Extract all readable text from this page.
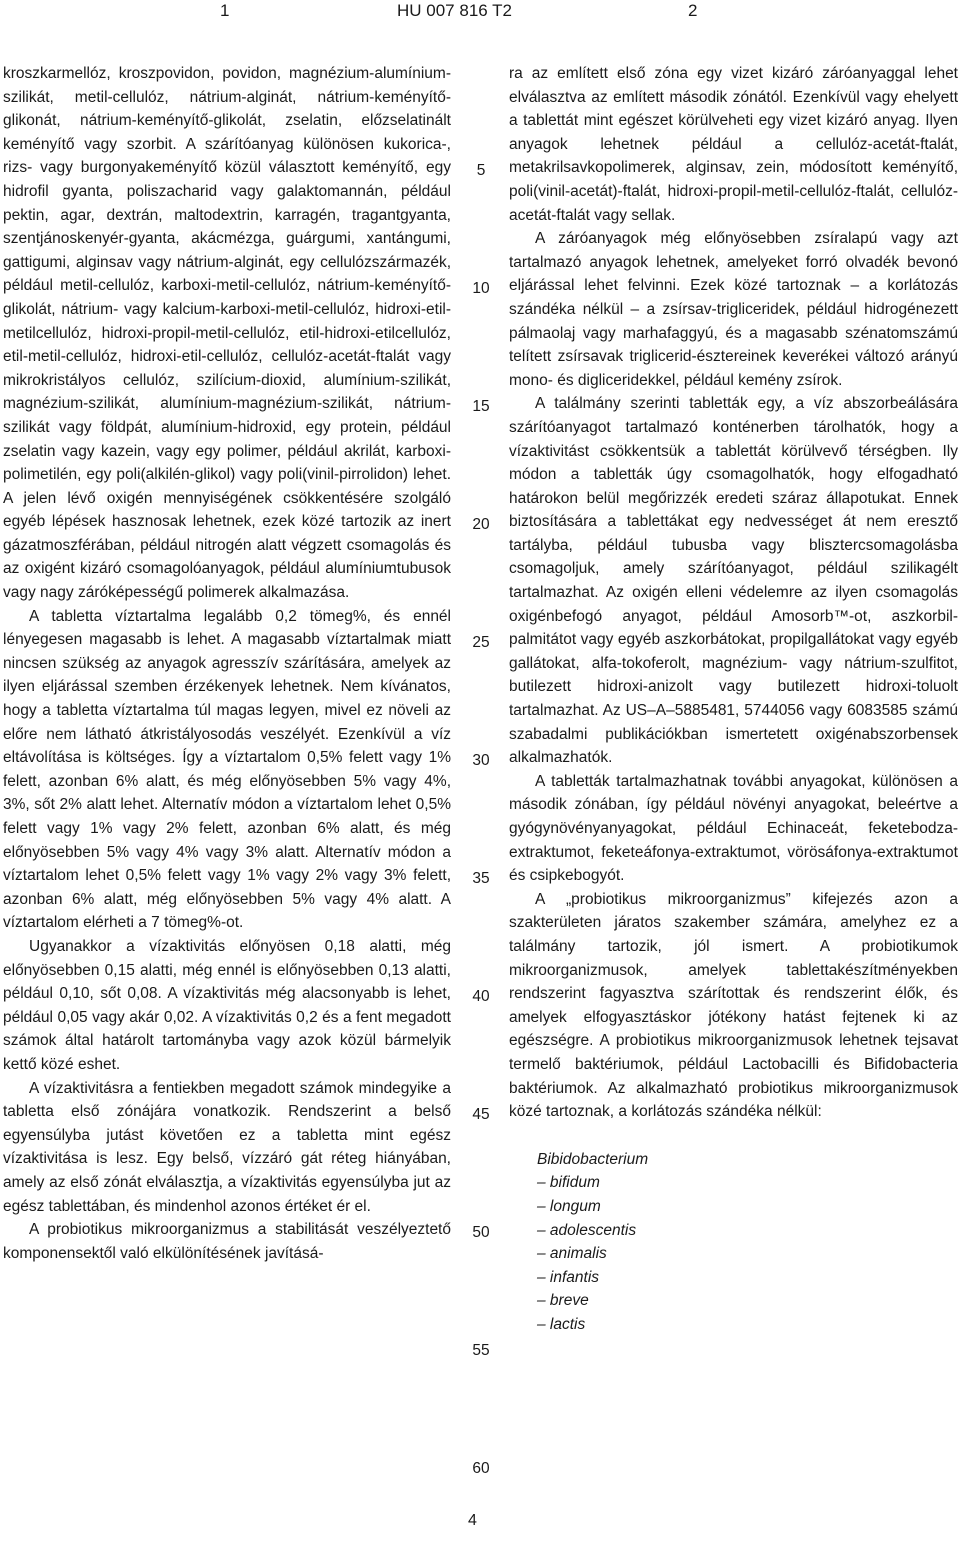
1	HU 007 816 T2	2

kroszkarmellóz, kroszpovidon, povidon, magnézium-alumínium-szilikát, metil-cellulóz, nátrium-alginát, nátrium-keményítő-glikonát, nátrium-keményítő-glikolát, zselatin, előzselatinált keményítő vagy szorbit. A szárítóanyag különösen kukorica-, rizs- vagy burgonyakeményítő közül választott keményítő, egy hidrofil gyanta, poliszacharid vagy galaktomannán, például pektin, agar, dextrán, maltodextrin, karragén, tragantgyanta, szentjánoskenyér-gyanta, akácmézga, guárgumi, xantángumi, gattigumi, alginsav vagy nátrium-alginát, egy cellulózszármazék, például metil-cellulóz, karboxi-metil-cellulóz, nátrium-keményítő-glikolát, nátrium- vagy kalcium-karboxi-metil-cellulóz, hidroxi-etil-metilcellulóz, hidroxi-propil-metil-cellulóz, etil-hidroxi-etilcellulóz, etil-metil-cellulóz, hidroxi-etil-cellulóz, cellulóz-acetát-ftalát vagy mikrokristályos cellulóz, szilícium-dioxid, alumínium-szilikát, magnézium-szilikát, alumínium-magnézium-szilikát, nátrium-szilikát vagy földpát, alumínium-hidroxid, egy protein, például zselatin vagy kazein, vagy egy polimer, például akrilát, karboxi-polimetilén, egy poli(alkilén-glikol) vagy poli(vinil-pirrolidon) lehet. A jelen lévő oxigén mennyiségének csökkentésére szolgáló egyéb lépések hasznosak lehetnek, ezek közé tartozik az inert gázatmoszférában, például nitrogén alatt végzett csomagolás és az oxigént kizáró csomagolóanyagok, például alumíniumtubusok vagy nagy záróképességű polimerek alkalmazása.

A tabletta víztartalma legalább 0,2 tömeg%, és ennél lényegesen magasabb is lehet. A magasabb víztartalmak miatt nincsen szükség az anyagok agresszív szárítására, amelyek az ilyen eljárással szemben érzékenyek lehetnek. Nem kívánatos, hogy a tabletta víztartalma túl magas legyen, mivel ez növeli az előre nem látható átkristályosodás veszélyét. Ezenkívül a víz eltávolítása is költséges. Így a víztartalom 0,5% felett vagy 1% felett, azonban 6% alatt, és még előnyösebben 5% vagy 4%, 3%, sőt 2% alatt lehet. Alternatív módon a víztartalom lehet 0,5% felett vagy 1% vagy 2% felett, azonban 6% alatt, és még előnyösebben 5% vagy 4% vagy 3% alatt. Alternatív módon a víztartalom lehet 0,5% felett vagy 1% vagy 2% vagy 3% felett, azonban 6% alatt, még előnyösebben 5% vagy 4% alatt. A víztartalom elérheti a 7 tömeg%-ot.

Ugyanakkor a vízaktivitás előnyösen 0,18 alatti, még előnyösebben 0,15 alatti, még ennél is előnyösebben 0,13 alatti, például 0,10, sőt 0,08. A vízaktivitás még alacsonyabb is lehet, például 0,05 vagy akár 0,02. A vízaktivitás 0,2 és a fent megadott számok által határolt tartományba vagy azok közül bármelyik kettő közé eshet.

A vízaktivitásra a fentiekben megadott számok mindegyike a tabletta első zónájára vonatkozik. Rendszerint a belső egyensúlyba jutást követően ez a tabletta mint egész vízaktivitása is lesz. Egy belső, vízzáró gát réteg hiányában, amely az első zónát elválasztja, a vízaktivitás egyensúlyba jut az egész tablettában, és mindenhol azonos értéket ér el.

A probiotikus mikroorganizmus a stabilitását veszélyeztető komponensektől való elkülönítésének javításá-

ra az említett első zóna egy vizet kizáró záróanyaggal lehet elválasztva az említett második zónától. Ezenkívül vagy ehelyett a tablettát mint egészet körülveheti egy vizet kizáró anyag. Ilyen anyagok lehetnek például a cellulóz-acetát-ftalát, metakrilsavkopolimerek, alginsav, zein, módosított keményítő, poli(vinil-acetát)-ftalát, hidroxi-propil-metil-cellulóz-ftalát, cellulóz-acetát-ftalát vagy sellak.

A záróanyagok még előnyösebben zsíralapú vagy azt tartalmazó anyagok lehetnek, amelyeket forró olvadék bevonó eljárással lehet felvinni. Ezek közé tartoznak – a korlátozás szándéka nélkül – a zsírsav-trigliceridek, például hidrogénezett pálmaolaj vagy marhafaggyú, és a magasabb szénatomszámú telített zsírsavak triglicerid-észtereinek keverékei változó arányú mono- és digliceridekkel, például kemény zsírok.

A találmány szerinti tabletták egy, a víz abszorbeálására szárítóanyagot tartalmazó konténerben tárolhatók, hogy a vízaktivitást csökkentsük a tablettát körülvevő térségben. Ily módon a tabletták úgy csomagolhatók, hogy elfogadható határokon belül megőrizzék eredeti száraz állapotukat. Ennek biztosítására a tablettákat egy nedvességet át nem eresztő tartályba, például tubusba vagy blisztercsomagolásba csomagoljuk, amely szárítóanyagot, például szilikagélt tartalmazhat. Az oxigén elleni védelemre az ilyen csomagolás oxigénbefogó anyagot, például Amosorb™-ot, aszkorbil-palmitátot vagy egyéb aszkorbátokat, propilgallátokat vagy egyéb gallátokat, alfa-tokoferolt, magnézium- vagy nátrium-szulfitot, butilezett hidroxi-anizolt vagy butilezett hidroxi-toluolt tartalmazhat. Az US–A–5885481, 5744056 vagy 6083585 számú szabadalmi publikációkban ismertetett oxigénabszorbensek alkalmazhatók.

A tabletták tartalmazhatnak további anyagokat, különösen a második zónában, így például növényi anyagokat, beleértve a gyógynövényanyagokat, például Echinaceát, feketebodza-extraktumot, feketeáfonya-extraktumot, vörösáfonya-extraktumot és csipkebogyót.

A „probiotikus mikroorganizmus” kifejezés azon a szakterületen járatos szakember számára, amelyhez ez a találmány tartozik, jól ismert. A probiotikumok mikroorganizmusok, amelyek tablettakészítményekben rendszerint fagyasztva szárítottak és rendszerint élők, és amelyek elfogyasztáskor jótékony hatást fejtenek ki az egészségre. A probiotikus mikroorganizmusok lehetnek tejsavat termelő baktériumok, például Lactobacilli és Bifidobacteria baktériumok. Az alkalmazható probiotikus mikroorganizmusok közé tartoznak, a korlátozás szándéka nélkül:

Bibidobacterium
– bifidum
– longum
– adolescentis
– animalis
– infantis
– breve
– lactis
5
10
15
20
25
30
35
40
45
50
55
60
4
